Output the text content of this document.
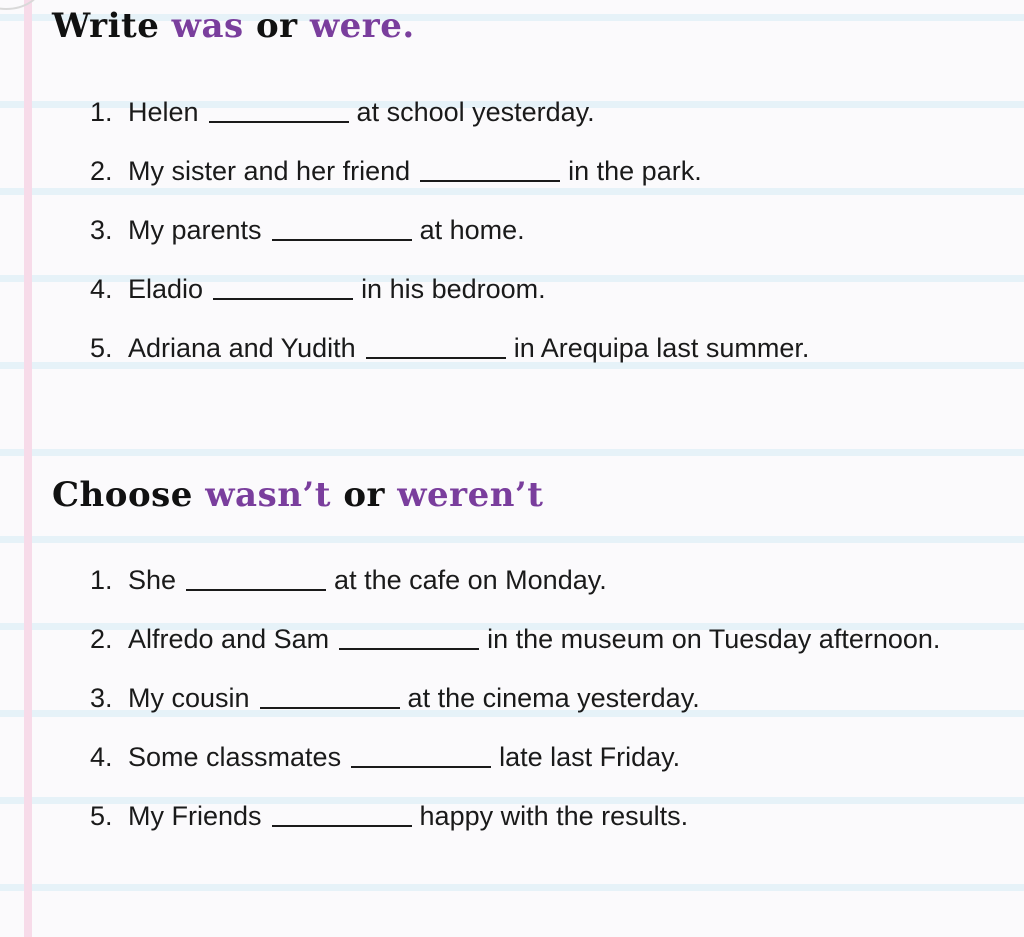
Write was or were.
1. Helen	at school yesterday.
2. My sister and her friend	in the park.
3. My parents	at home.
4. Eladio	in his bedroom.
5. Adriana and Yudith	in Arequipa last summer.
Choose wasn’t or weren’t
1. She	at the cafe on Monday.
2. Alfredo and Sam	in the museum on Tuesday afternoon.
3. My cousin	at the cinema yesterday.
4. Some classmates	late last Friday.
5. My Friends	happy with the results.
